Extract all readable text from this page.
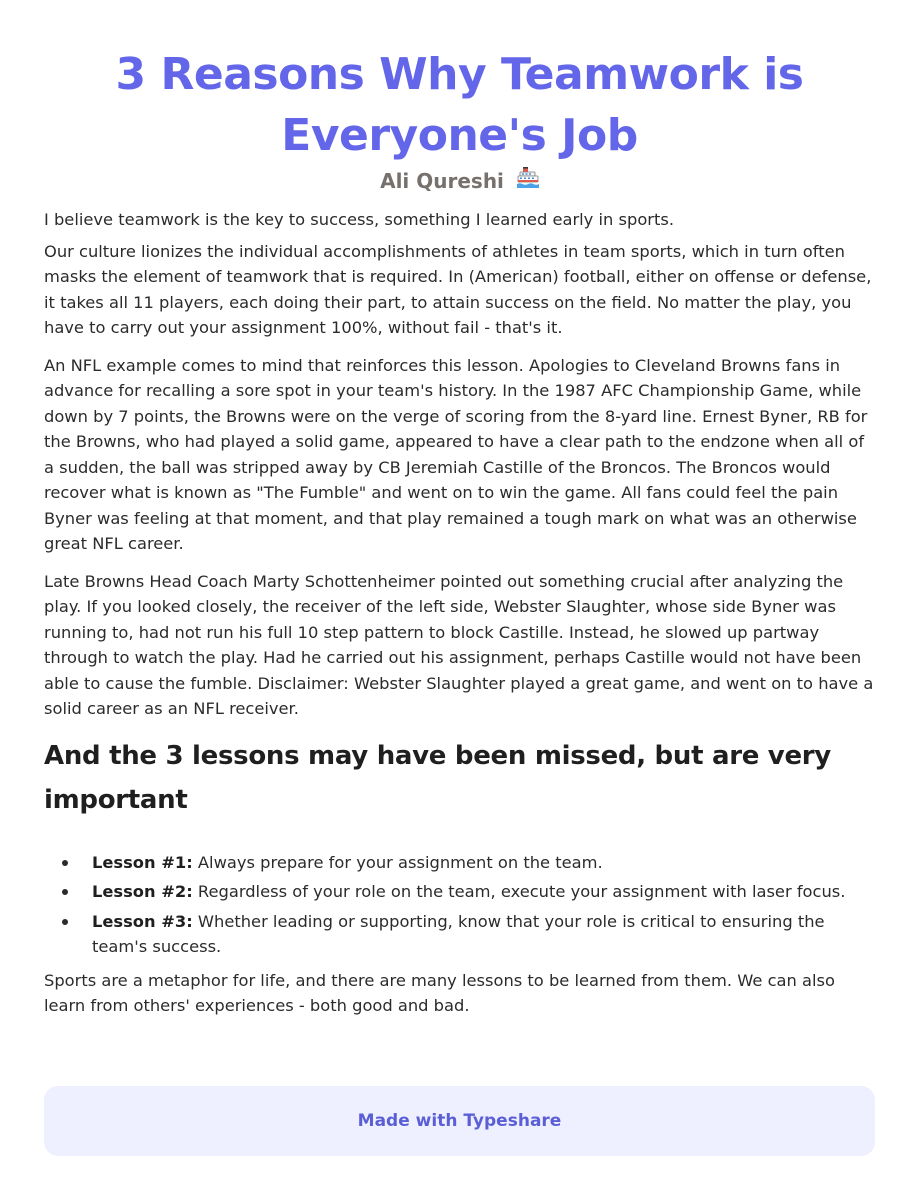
3 Reasons Why Teamwork is Everyone's Job
Ali Qureshi

I believe teamwork is the key to success, something I learned early in sports.

Our culture lionizes the individual accomplishments of athletes in team sports, which in turn often masks the element of teamwork that is required. In (American) football, either on offense or defense, it takes all 11 players, each doing their part, to attain success on the field. No matter the play, you have to carry out your assignment 100%, without fail - that's it.

An NFL example comes to mind that reinforces this lesson. Apologies to Cleveland Browns fans in advance for recalling a sore spot in your team's history. In the 1987 AFC Championship Game, while down by 7 points, the Browns were on the verge of scoring from the 8-yard line. Ernest Byner, RB for the Browns, who had played a solid game, appeared to have a clear path to the endzone when all of a sudden, the ball was stripped away by CB Jeremiah Castille of the Broncos. The Broncos would recover what is known as "The Fumble" and went on to win the game. All fans could feel the pain Byner was feeling at that moment, and that play remained a tough mark on what was an otherwise great NFL career.

Late Browns Head Coach Marty Schottenheimer pointed out something crucial after analyzing the play. If you looked closely, the receiver of the left side, Webster Slaughter, whose side Byner was running to, had not run his full 10 step pattern to block Castille. Instead, he slowed up partway through to watch the play. Had he carried out his assignment, perhaps Castille would not have been able to cause the fumble. Disclaimer: Webster Slaughter played a great game, and went on to have a solid career as an NFL receiver.

And the 3 lessons may have been missed, but are very important
Lesson #1: Always prepare for your assignment on the team.
Lesson #2: Regardless of your role on the team, execute your assignment with laser focus.
Lesson #3: Whether leading or supporting, know that your role is critical to ensuring the team's success.

Sports are a metaphor for life, and there are many lessons to be learned from them. We can also learn from others' experiences - both good and bad.

Made with Typeshare
